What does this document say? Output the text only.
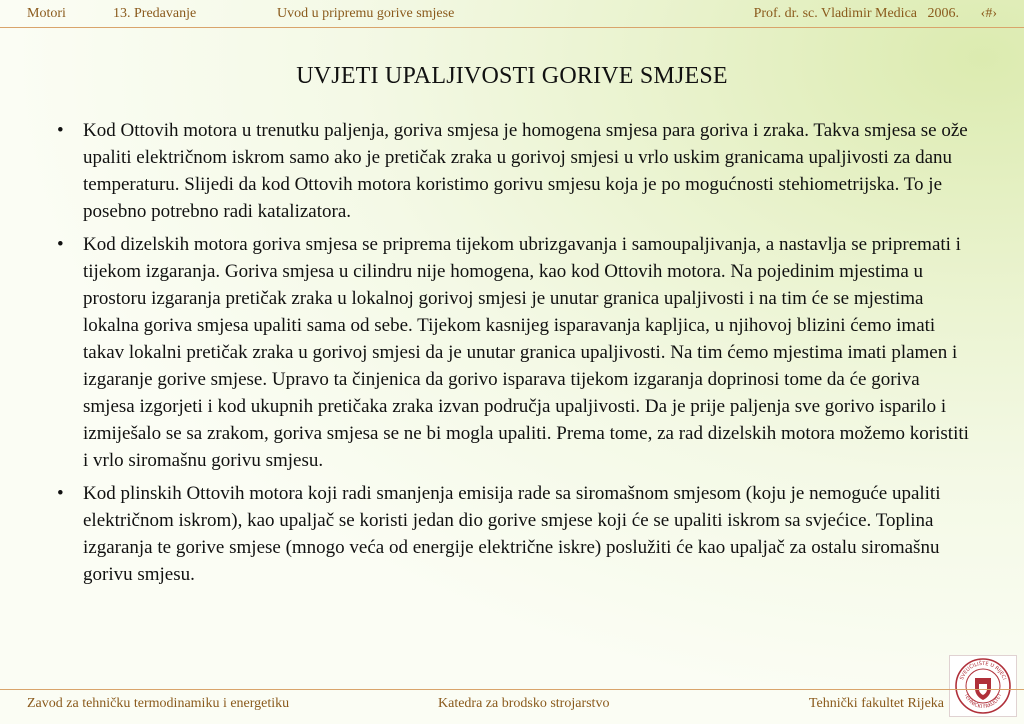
Motori	13. Predavanje	Uvod u pripremu gorive smjese	Prof. dr. sc. Vladimir Medica   2006. ‹#›
UVJETI UPALJIVOSTI GORIVE SMJESE
• Kod Ottovih motora u trenutku paljenja, goriva smjesa je homogena smjesa para goriva i zraka. Takva smjesa se ože upaliti električnom iskrom samo ako je pretičak zraka u gorivoj smjesi u vrlo uskim granicama upaljivosti za danu temperaturu. Slijedi da kod Ottovih motora koristimo gorivu smjesu koja je po mogućnosti stehiometrijska. To je posebno potrebno radi katalizatora.
• Kod dizelskih motora goriva smjesa se priprema tijekom ubrizgavanja i samoupaljivanja, a nastavlja se pripremati i tijekom izgaranja. Goriva smjesa u cilindru nije homogena, kao kod Ottovih motora. Na pojedinim mjestima u prostoru izgaranja pretičak zraka u lokalnoj gorivoj smjesi je unutar granica upaljivosti i na tim će se mjestima lokalna goriva smjesa upaliti sama od sebe. Tijekom kasnijeg isparavanja kapljica, u njihovoj blizini ćemo imati takav lokalni pretičak zraka u gorivoj smjesi da je unutar granica upaljivosti. Na tim ćemo mjestima imati plamen i izgaranje gorive smjese. Upravo ta činjenica da gorivo isparava tijekom izgaranja doprinosi tome da će goriva smjesa izgorjeti i kod ukupnih pretičaka zraka izvan područja upaljivosti. Da je prije paljenja sve gorivo isparilo i izmiješalo se sa zrakom, goriva smjesa se ne bi mogla upaliti. Prema tome, za rad dizelskih motora možemo koristiti i vrlo siromašnu gorivu smjesu.
• Kod plinskih Ottovih motora koji radi smanjenja emisija rade sa siromašnom smjesom (koju je nemoguće upaliti električnom iskrom), kao upaljač se koristi jedan dio gorive smjese koji će se upaliti iskrom sa svjećice. Toplina izgaranja te gorive smjese (mnogo veća od energije električne iskre) poslužiti će kao upaljač za ostalu siromašnu gorivu smjesu.
SVEUČILIŠTE U RIJECI
TEHNIČKI FAKULTET
Zavod za tehničku termodinamiku i energetiku	Katedra za brodsko strojarstvo	Tehnički fakultet Rijeka
